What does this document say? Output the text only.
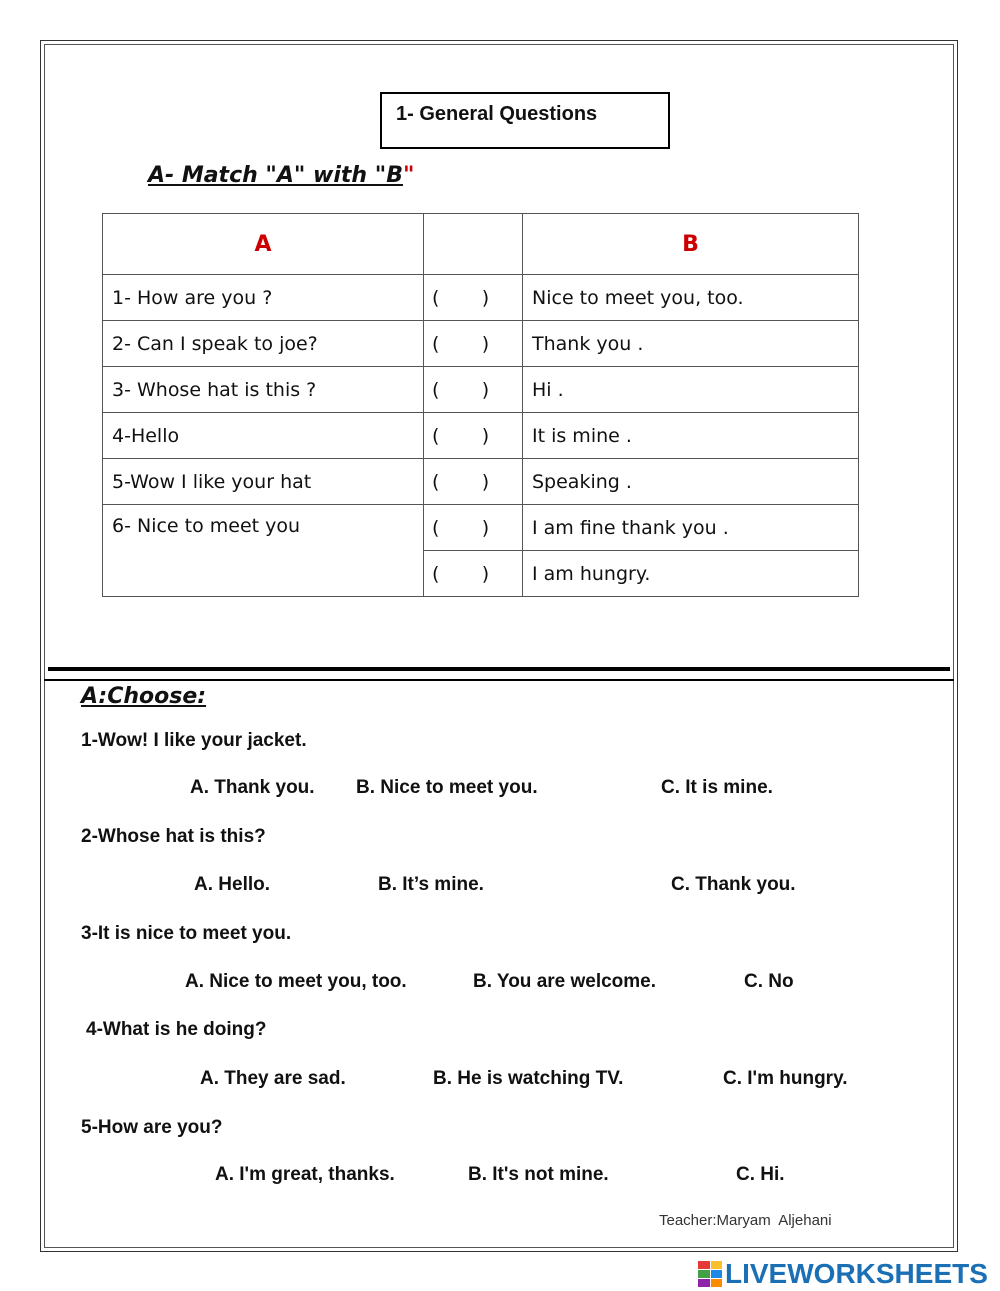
1- General Questions
A- Match "A" with "B"
A		B
1- How are you ?	(       )	Nice to meet you, too.
2- Can I speak to joe?	(       )	Thank you .
3- Whose hat is this ?	(       )	Hi .
4-Hello	(       )	It is mine .
5-Wow I like your hat	(       )	Speaking .
6- Nice to meet you	(       )	I am fine thank you .
	(       )	I am hungry.
A:Choose:
1-Wow! I like your jacket.
A. Thank you. B. Nice to meet you.	C. It is mine.
2-Whose hat is this?
A. Hello.	B. It’s mine.	C. Thank you.
3-It is nice to meet you.
A. Nice to meet you, too.	B. You are welcome.	C. No
4-What is he doing?
A. They are sad.	B. He is watching TV.	C. I'm hungry.
5-How are you?
A. I'm great, thanks.	B. It's not mine.	C. Hi.
Teacher:Maryam  Aljehani
LIVEWORKSHEETS
